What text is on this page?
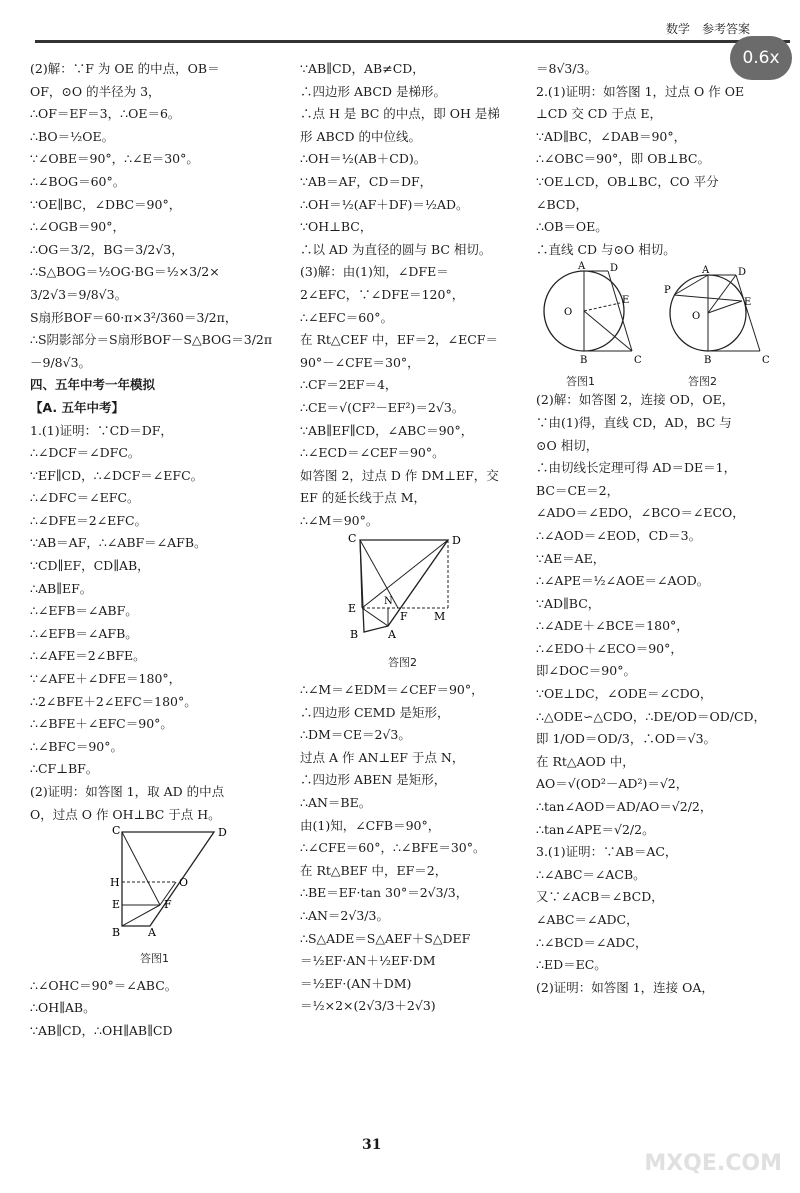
数学　参考答案
0.6x
(2)解：∵F 为 OE 的中点，OB＝
OF，⊙O 的半径为 3，
∴OF＝EF＝3，∴OE＝6。
∴BO＝½OE。
∵∠OBE＝90°，∴∠E＝30°。
∴∠BOG＝60°。
∵OE∥BC，∠DBC＝90°，
∴∠OGB＝90°，
∴OG＝3/2，BG＝3/2√3，
∴S△BOG＝½OG·BG＝½×3/2×
3/2√3＝9/8√3。
S扇形BOF＝60·π×3²/360＝3/2π，
∴S阴影部分＝S扇形BOF－S△BOG＝3/2π
－9/8√3。
四、五年中考一年模拟
【A. 五年中考】
1.(1)证明：∵CD＝DF，
∴∠DCF＝∠DFC。
∵EF∥CD，∴∠DCF＝∠EFC。
∴∠DFC＝∠EFC。
∴∠DFE＝2∠EFC。
∵AB＝AF，∴∠ABF＝∠AFB。
∵CD∥EF，CD∥AB，
∴AB∥EF。
∴∠EFB＝∠ABF。
∴∠EFB＝∠AFB。
∴∠AFE＝2∠BFE。
∵∠AFE＋∠DFE＝180°，
∴2∠BFE＋2∠EFC＝180°。
∴∠BFE＋∠EFC＝90°。
∴∠BFC＝90°。
∴CF⊥BF。
(2)证明：如答图 1，取 AD 的中点
O，过点 O 作 OH⊥BC 于点 H。
C	D
H	O
E	F
B	A
答图1
∴∠OHC＝90°＝∠ABC。
∴OH∥AB。
∵AB∥CD，∴OH∥AB∥CD
∵AB∥CD，AB≠CD，
∴四边形 ABCD 是梯形。
∴点 H 是 BC 的中点，即 OH 是梯
形 ABCD 的中位线。
∴OH＝½(AB＋CD)。
∵AB＝AF，CD＝DF，
∴OH＝½(AF＋DF)＝½AD。
∵OH⊥BC，
∴以 AD 为直径的圆与 BC 相切。
(3)解：由(1)知，∠DFE＝
2∠EFC，∵∠DFE＝120°，
∴∠EFC＝60°。
在 Rt△CEF 中，EF＝2，∠ECF＝
90°－∠CFE＝30°，
∴CF＝2EF＝4，
∴CE＝√(CF²－EF²)＝2√3。
∵AB∥EF∥CD，∠ABC＝90°，
∴∠ECD＝∠CEF＝90°。
如答图 2，过点 D 作 DM⊥EF，交
EF 的延长线于点 M，
∴∠M＝90°。
C	D
E
N
F M
B	A
答图2
∴∠M＝∠EDM＝∠CEF＝90°，
∴四边形 CEMD 是矩形，
∴DM＝CE＝2√3。
过点 A 作 AN⊥EF 于点 N，
∴四边形 ABEN 是矩形，
∴AN＝BE。
由(1)知，∠CFB＝90°，
∴∠CFE＝60°，∴∠BFE＝30°。
在 Rt△BEF 中，EF＝2，
∴BE＝EF·tan 30°＝2√3/3，
∴AN＝2√3/3。
∴S△ADE＝S△AEF＋S△DEF
＝½EF·AN＋½EF·DM
＝½EF·(AN＋DM)
＝½×2×(2√3/3＋2√3)
＝8√3/3。
2.(1)证明：如答图 1，过点 O 作 OE
⊥CD 交 CD 于点 E，
∵AD∥BC，∠DAB＝90°，
∴∠OBC＝90°，即 OB⊥BC。
∵OE⊥CD，OB⊥BC，CO 平分
∠BCD，
∴OB＝OE。
∴直线 CD 与⊙O 相切。
A D
O
E
B	C
P
A	D
O
E
B	C
答图1	答图2
(2)解：如答图 2，连接 OD，OE，
∵由(1)得，直线 CD，AD，BC 与
⊙O 相切，
∴由切线长定理可得 AD＝DE＝1，
BC＝CE＝2，
∠ADO＝∠EDO，∠BCO＝∠ECO，
∴∠AOD＝∠EOD，CD＝3。
∵AE＝AE，
∴∠APE＝½∠AOE＝∠AOD。
∵AD∥BC，
∴∠ADE＋∠BCE＝180°，
∴∠EDO＋∠ECO＝90°，
即∠DOC＝90°。
∵OE⊥DC，∠ODE＝∠CDO，
∴△ODE∽△CDO，∴DE/OD＝OD/CD，
即 1/OD＝OD/3，∴OD＝√3。
在 Rt△AOD 中，
AO＝√(OD²－AD²)＝√2，
∴tan∠AOD＝AD/AO＝√2/2，
∴tan∠APE＝√2/2。
3.(1)证明：∵AB＝AC，
∴∠ABC＝∠ACB。
又∵∠ACB＝∠BCD，
∠ABC＝∠ADC，
∴∠BCD＝∠ADC，
∴ED＝EC。
(2)证明：如答图 1，连接 OA，
31
MXQE.COM
